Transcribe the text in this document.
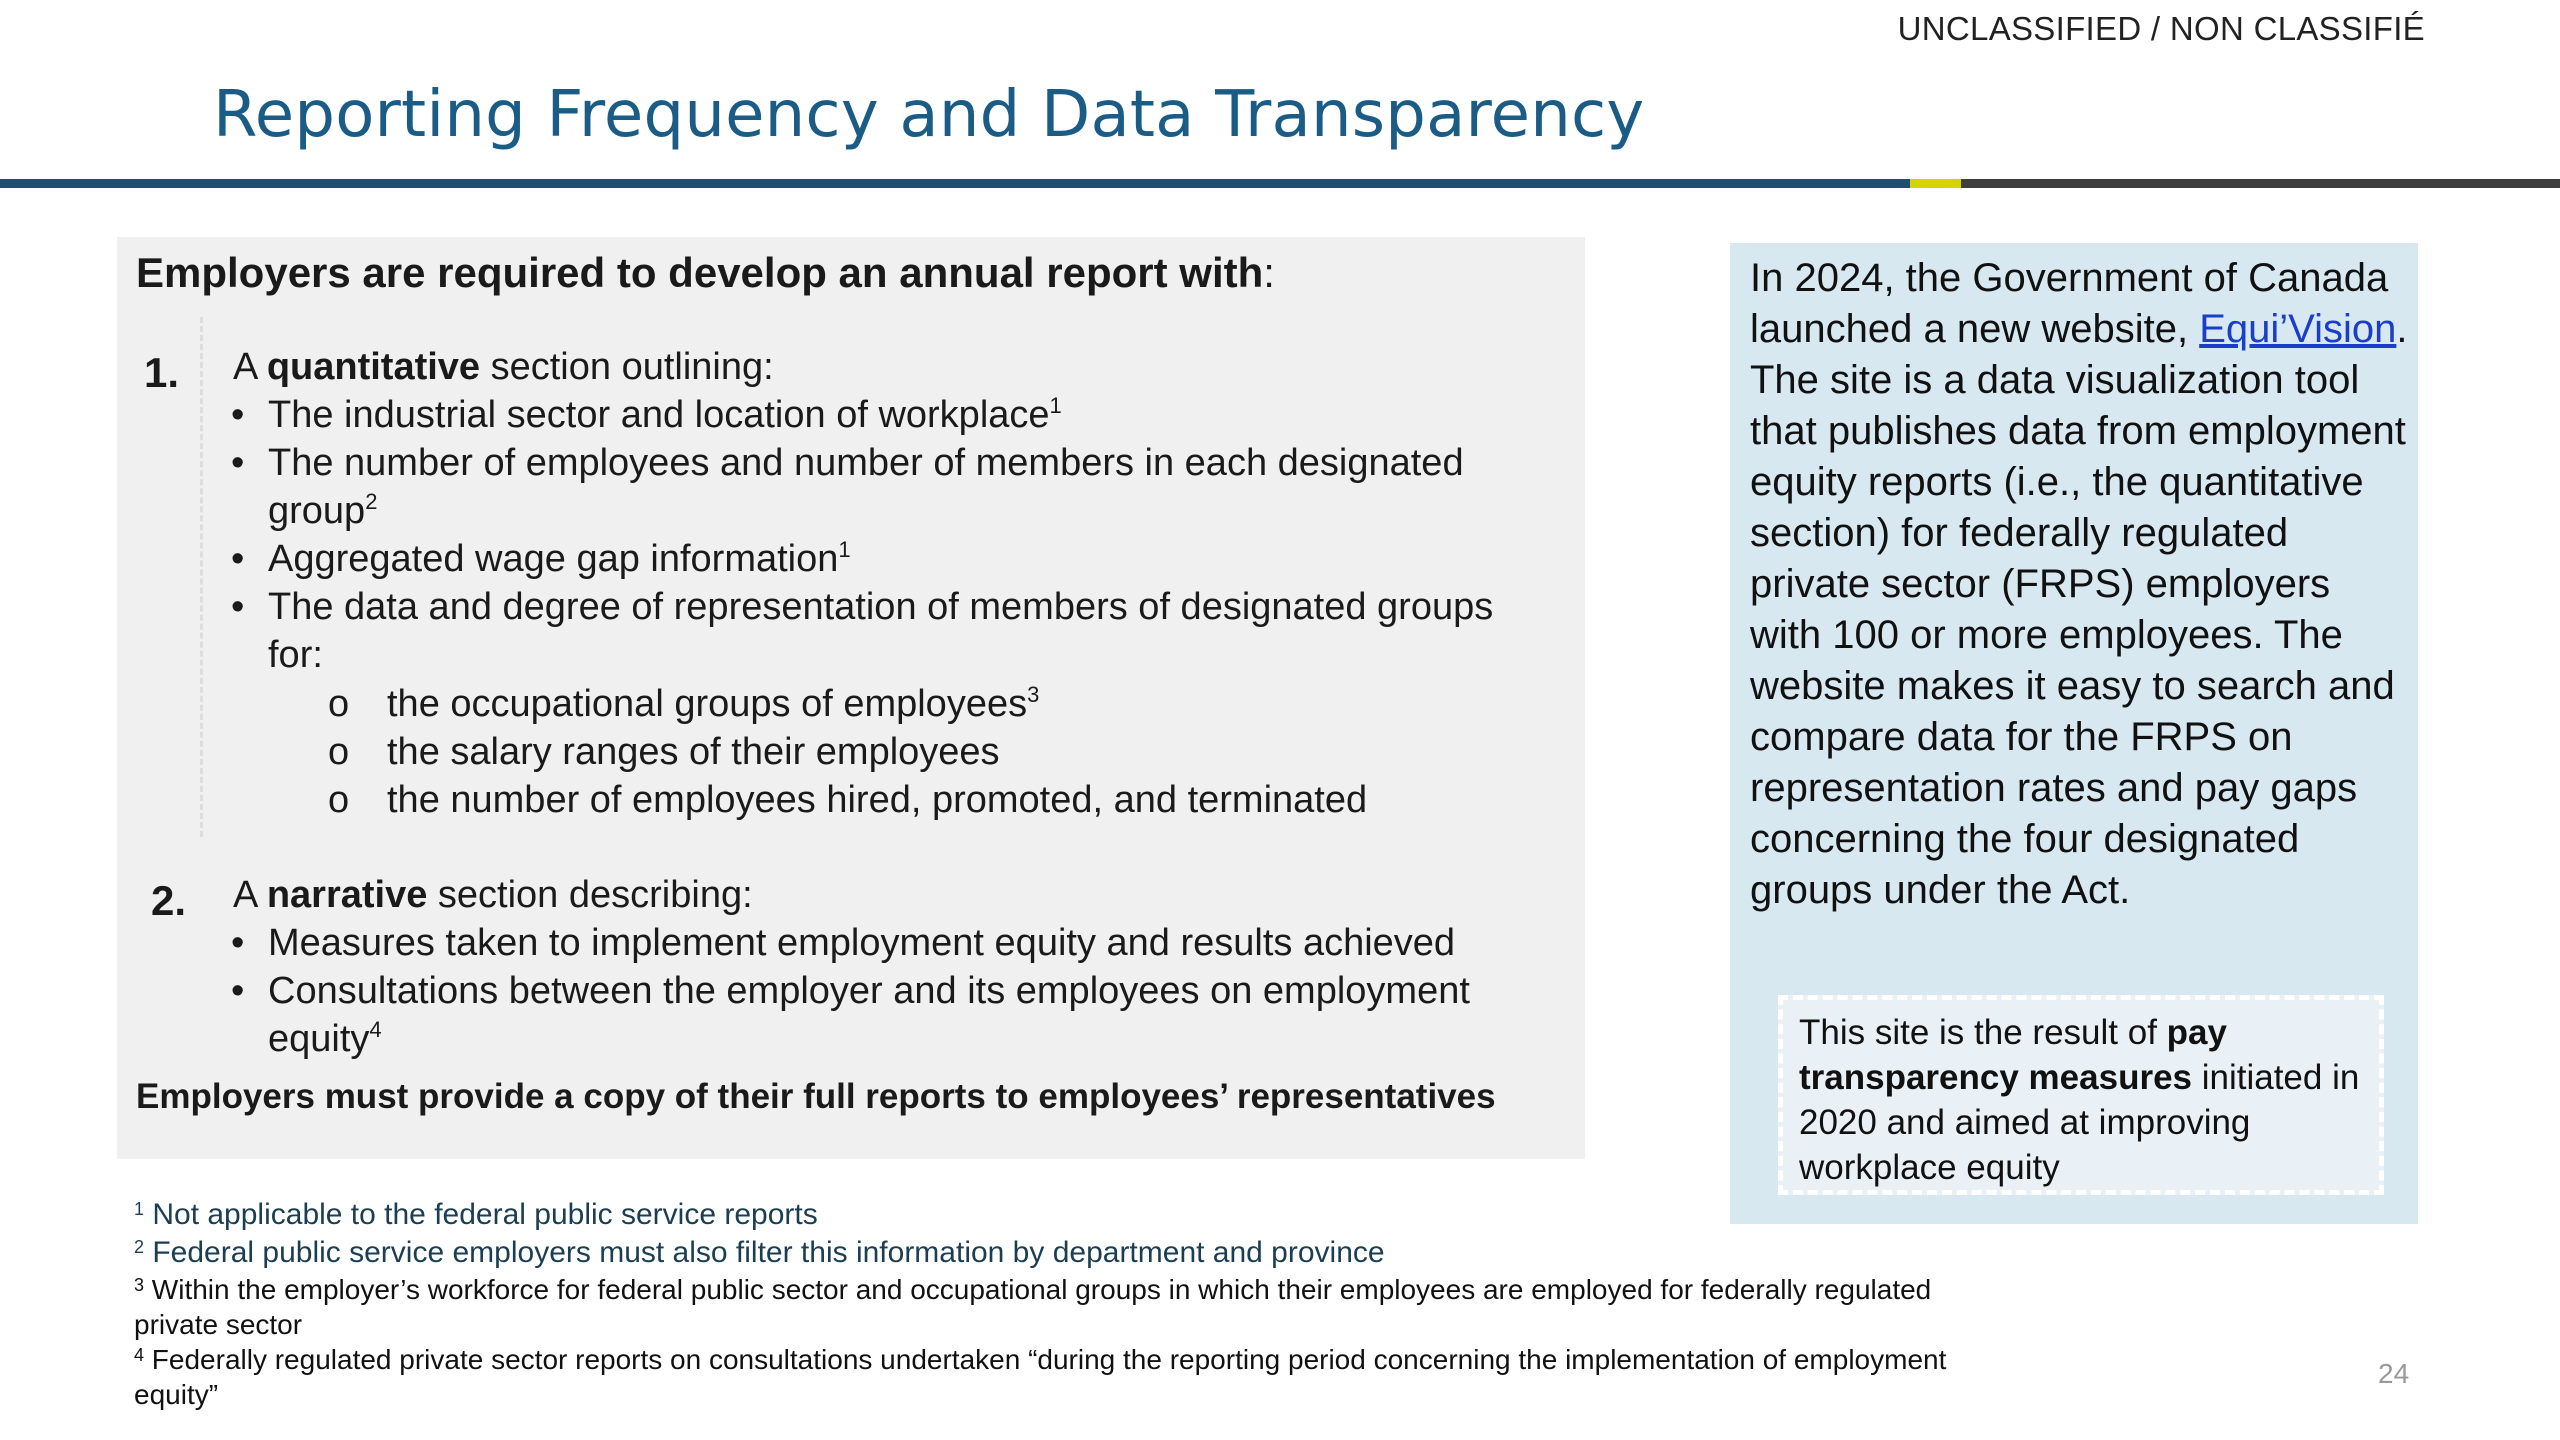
UNCLASSIFIED / NON CLASSIFIÉ
Reporting Frequency and Data Transparency
Employers are required to develop an annual report with:
1. A quantitative section outlining:
• The industrial sector and location of workplace$^1$
• The number of employees and number of members in each designated
group$^2$
• Aggregated wage gap information$^1$
• The data and degree of representation of members of designated groups
for:
o the occupational groups of employees$^3$
o the salary ranges of their employees
o the number of employees hired, promoted, and terminated
2. A narrative section describing:
• Measures taken to implement employment equity and results achieved
• Consultations between the employer and its employees on employment
equity$^4$
Employers must provide a copy of their full reports to employees’ representatives
In 2024, the Government of Canada launched a new website, Equi’Vision. The site is a data visualization tool that publishes data from employment equity reports (i.e., the quantitative section) for federally regulated private sector (FRPS) employers with 100 or more employees. The website makes it easy to search and compare data for the FRPS on representation rates and pay gaps concerning the four designated groups under the Act.
This site is the result of pay transparency measures initiated in 2020 and aimed at improving workplace equity
$^1$ Not applicable to the federal public service reports
$^2$ Federal public service employers must also filter this information by department and province
$^3$ Within the employer’s workforce for federal public sector and occupational groups in which their employees are employed for federally regulated
private sector
$^4$ Federally regulated private sector reports on consultations undertaken “during the reporting period concerning the implementation of employment
equity”
24
